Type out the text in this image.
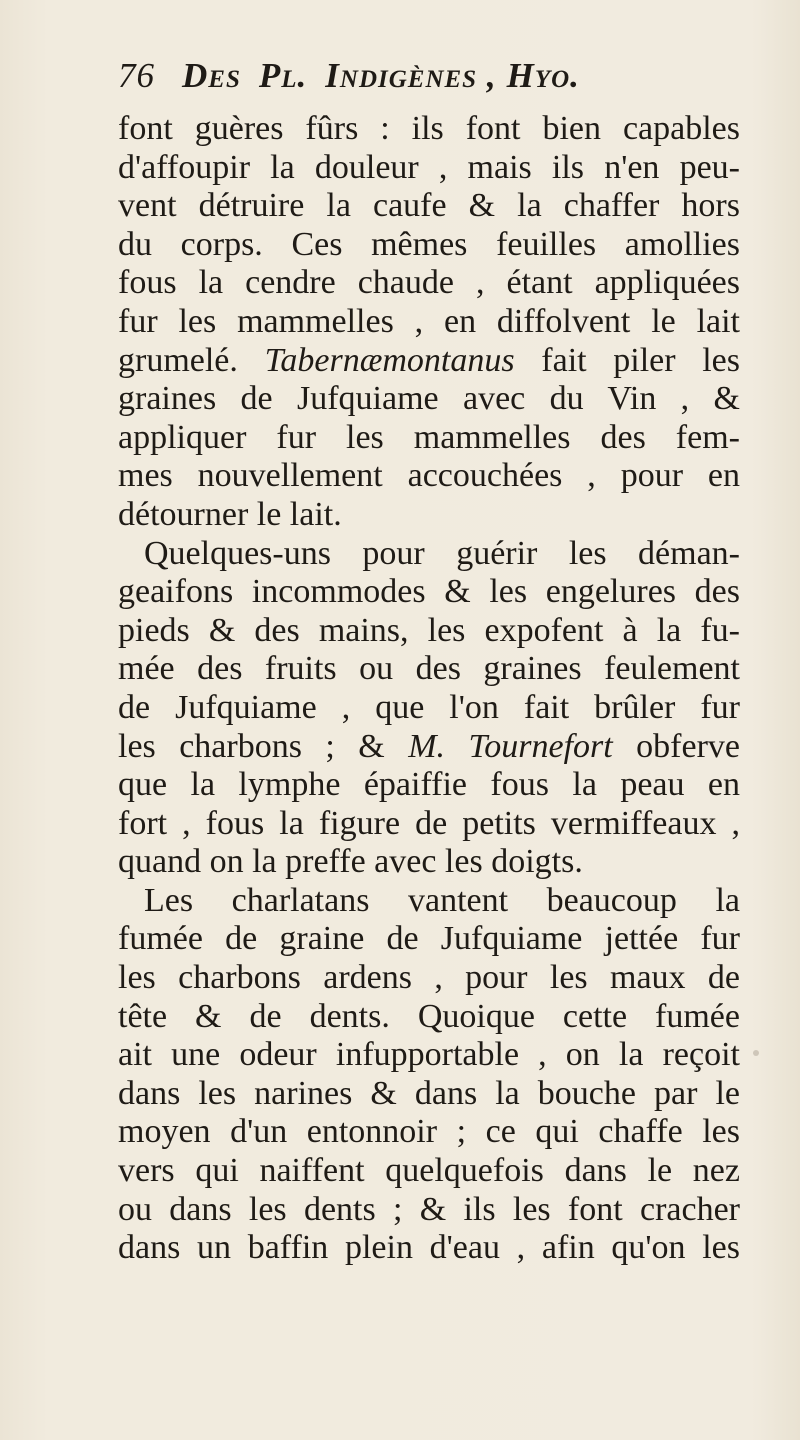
76 Des Pl. Indigènes , Hyo.
font guères fûrs : ils font bien capables
d'affoupir la douleur , mais ils n'en peu-
vent détruire la caufe & la chaffer hors
du corps. Ces mêmes feuilles amollies
fous la cendre chaude , étant appliquées
fur les mammelles , en diffolvent le lait
grumelé. Tabernæmontanus fait piler les
graines de Jufquiame avec du Vin , &
appliquer fur les mammelles des fem-
mes nouvellement accouchées , pour en
détourner le lait.
Quelques-uns pour guérir les déman-
geaifons incommodes & les engelures des
pieds & des mains, les expofent à la fu-
mée des fruits ou des graines feulement
de Jufquiame , que l'on fait brûler fur
les charbons ; & M. Tournefort obferve
que la lymphe épaiffie fous la peau en
fort , fous la figure de petits vermiffeaux ,
quand on la preffe avec les doigts.
Les charlatans vantent beaucoup la
fumée de graine de Jufquiame jettée fur
les charbons ardens , pour les maux de
tête & de dents. Quoique cette fumée
ait une odeur infupportable , on la reçoit
dans les narines & dans la bouche par le
moyen d'un entonnoir ; ce qui chaffe les
vers qui naiffent quelquefois dans le nez
ou dans les dents ; & ils les font cracher
dans un baffin plein d'eau , afin qu'on les
